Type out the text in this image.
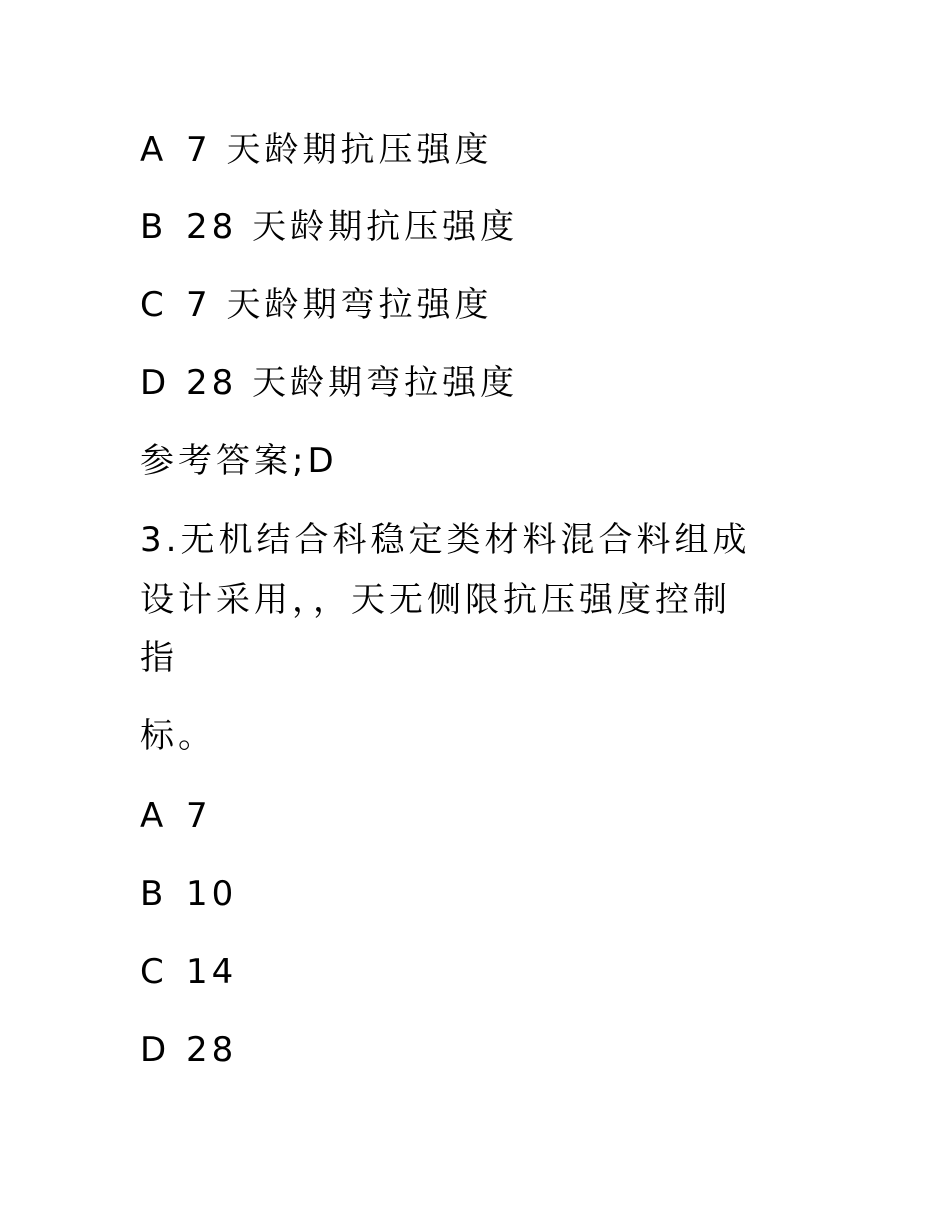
A 7 天龄期抗压强度
B 28 天龄期抗压强度
C 7 天龄期弯拉强度
D 28 天龄期弯拉强度
参考答案;D
3.无机结合科稳定类材料混合料组成
设计采用，，天无侧限抗压强度控制
指
标。
A 7
B 10
C 14
D 28
